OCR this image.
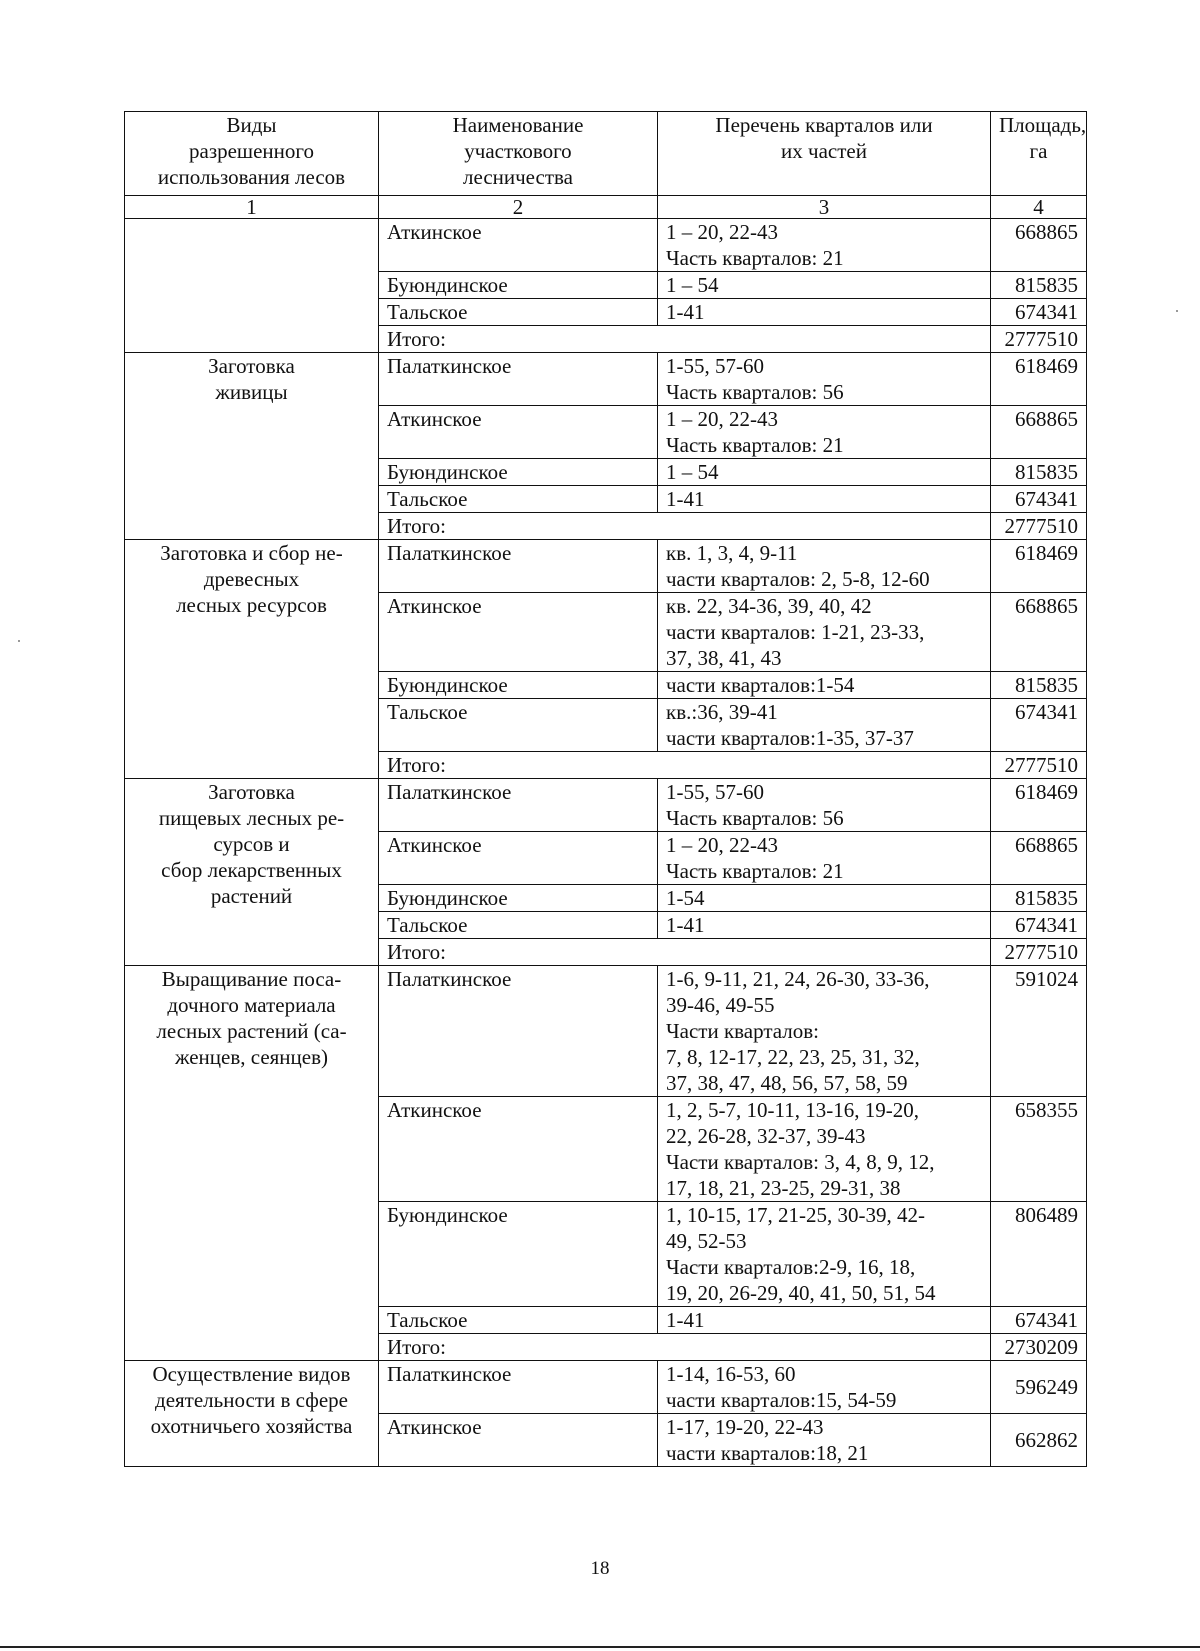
Виды
разрешенного
использования лесов	Наименование
участкового
лесничества	Перечень кварталов или
их частей	Площадь,
га

1	2	3	4
	Аткинское	1 – 20, 22-43
Часть кварталов: 21	668865
	Буюндинское	1 – 54	815835
	Тальское	1-41	674341
	Итого:		2777510

Заготовка
живицы	Палаткинское	1-55, 57-60
Часть кварталов: 56	618469
	Аткинское	1 – 20, 22-43
Часть кварталов: 21	668865
	Буюндинское	1 – 54	815835
	Тальское	1-41	674341
	Итого:		2777510

Заготовка и сбор не-
древесных
лесных ресурсов	Палаткинское	кв. 1, 3, 4, 9-11
части кварталов: 2, 5-8, 12-60	618469
	Аткинское	кв. 22, 34-36, 39, 40, 42
части кварталов: 1-21, 23-33,
37, 38, 41, 43	668865
	Буюндинское	части кварталов:1-54	815835
	Тальское	кв.:36, 39-41
части кварталов:1-35, 37-37	674341
	Итого:		2777510

Заготовка
пищевых лесных ре-
сурсов и
сбор лекарственных
растений	Палаткинское	1-55, 57-60
Часть кварталов: 56	618469
	Аткинское	1 – 20, 22-43
Часть кварталов: 21	668865
	Буюндинское	1-54	815835
	Тальское	1-41	674341
	Итого:		2777510

Выращивание поса-
дочного материала
лесных растений (са-
женцев, сеянцев)	Палаткинское	1-6, 9-11, 21, 24, 26-30, 33-36,
39-46, 49-55
Части кварталов:
7, 8, 12-17, 22, 23, 25, 31, 32,
37, 38, 47, 48, 56, 57, 58, 59	591024
	Аткинское	1, 2, 5-7, 10-11, 13-16, 19-20,
22, 26-28, 32-37, 39-43
Части кварталов: 3, 4, 8, 9, 12,
17, 18, 21, 23-25, 29-31, 38	658355
	Буюндинское	1, 10-15, 17, 21-25, 30-39, 42-
49, 52-53
Части кварталов:2-9, 16, 18,
19, 20, 26-29, 40, 41, 50, 51, 54	806489
	Тальское	1-41	674341
	Итого:		2730209

Осуществление видов
деятельности в сфере
охотничьего хозяйства	Палаткинское	1-14, 16-53, 60
части кварталов:15, 54-59	596249
	Аткинское	1-17, 19-20, 22-43
части кварталов:18, 21	662862
18
